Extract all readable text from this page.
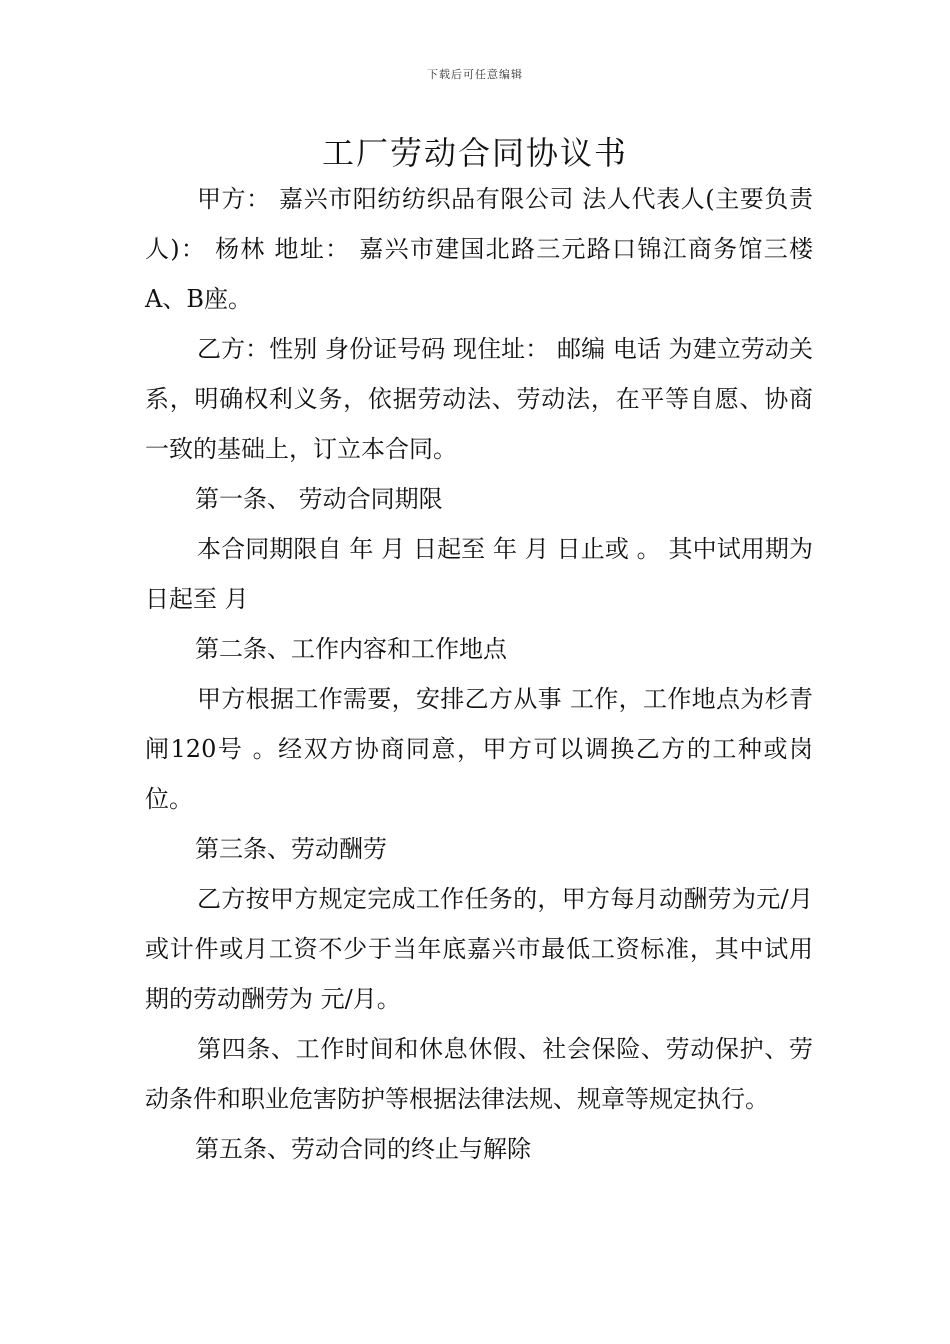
下载后可任意编辑
工厂劳动合同协议书

甲方： 嘉兴市阳纺纺织品有限公司 法人代表人(主要负责人)： 杨林 地址： 嘉兴市建国北路三元路口锦江商务馆三楼A、B座。

乙方：性别 身份证号码 现住址： 邮编 电话 为建立劳动关系，明确权利义务，依据劳动法、劳动法，在平等自愿、协商一致的基础上，订立本合同。

第一条、 劳动合同期限

本合同期限自 年 月 日起至 年 月 日止或 。 其中试用期为日起至 月

第二条、工作内容和工作地点

甲方根据工作需要，安排乙方从事 工作，工作地点为杉青闸120号 。经双方协商同意，甲方可以调换乙方的工种或岗位。

第三条、劳动酬劳

乙方按甲方规定完成工作任务的，甲方每月动酬劳为元/月或计件或月工资不少于当年底嘉兴市最低工资标准，其中试用期的劳动酬劳为 元/月。

第四条、工作时间和休息休假、社会保险、劳动保护、劳动条件和职业危害防护等根据法律法规、规章等规定执行。

第五条、劳动合同的终止与解除
